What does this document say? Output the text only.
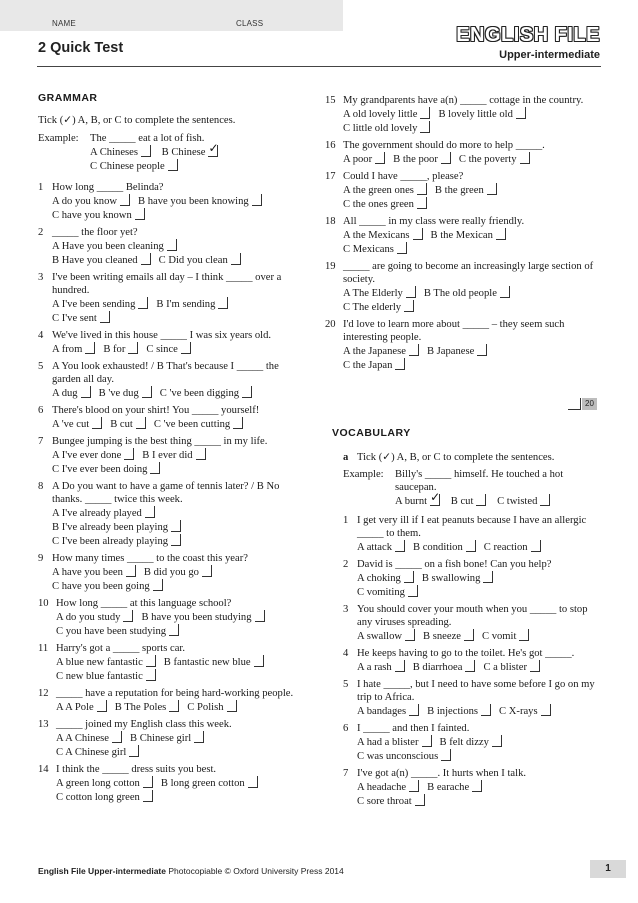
NAME	CLASS
2 Quick Test
ENGLISH FILE
Upper-intermediate
GRAMMAR
Tick (✓) A, B, or C to complete the sentences.
Example:	The _____ eat a lot of fish.
A Chineses B Chinese✓
C Chinese people
1 How long _____ Belinda?
A do you know B have you been knowing
C have you known
2 _____ the floor yet?
A Have you been cleaning
B Have you cleaned C Did you clean
3 I've been writing emails all day – I think _____ over a hundred.
A I've been sending B I'm sending
C I've sent
4 We've lived in this house _____ I was six years old.
A from B for C since
5 A You look exhausted! / B That's because I _____ the garden all day.
A dug B 've dug C 've been digging
6 There's blood on your shirt! You _____ yourself!
A 've cut B cut C 've been cutting
7 Bungee jumping is the best thing _____ in my life.
A I've ever done B I ever did
C I've ever been doing
8 A Do you want to have a game of tennis later? / B No thanks. _____ twice this week.
A I've already played
B I've already been playing
C I've been already playing
9 How many times _____ to the coast this year?
A have you been B did you go
C have you been going
10 How long _____ at this language school?
A do you study B have you been studying
C you have been studying
11 Harry's got a _____ sports car.
A blue new fantastic B fantastic new blue
C new blue fantastic
12 _____ have a reputation for being hard-working people.
A A Pole B The Poles C Polish
13 _____ joined my English class this week.
A A Chinese B Chinese girl
C A Chinese girl
14 I think the _____ dress suits you best.
A green long cotton B long green cotton
C cotton long green
15 My grandparents have a(n) _____ cottage in the country.
A old lovely little B lovely little old
C little old lovely
16 The government should do more to help _____.
A poor B the poor C the poverty
17 Could I have _____, please?
A the green ones B the green
C the ones green
18 All _____ in my class were really friendly.
A the Mexicans B the Mexican
C Mexicans
19 _____ are going to become an increasingly large section of society.
A The Elderly B The old people
C The elderly
20 I'd love to learn more about _____ – they seem such interesting people.
A the Japanese B Japanese
C the Japan
20
VOCABULARY
a Tick (✓) A, B, or C to complete the sentences.
Example:	Billy's _____ himself. He touched a hot saucepan.
A burnt✓ B cut C twisted
1 I get very ill if I eat peanuts because I have an allergic _____ to them.
A attack B condition C reaction
2 David is _____ on a fish bone! Can you help?
A choking B swallowing
C vomiting
3 You should cover your mouth when you _____ to stop any viruses spreading.
A swallow B sneeze C vomit
4 He keeps having to go to the toilet. He's got _____.
A a rash B diarrhoea C a blister
5 I hate _____, but I need to have some before I go on my trip to Africa.
A bandages B injections C X-rays
6 I _____ and then I fainted.
A had a blister B felt dizzy
C was unconscious
7 I've got a(n) _____. It hurts when I talk.
A headache B earache
C sore throat
English File Upper-intermediate Photocopiable © Oxford University Press 2014	1
